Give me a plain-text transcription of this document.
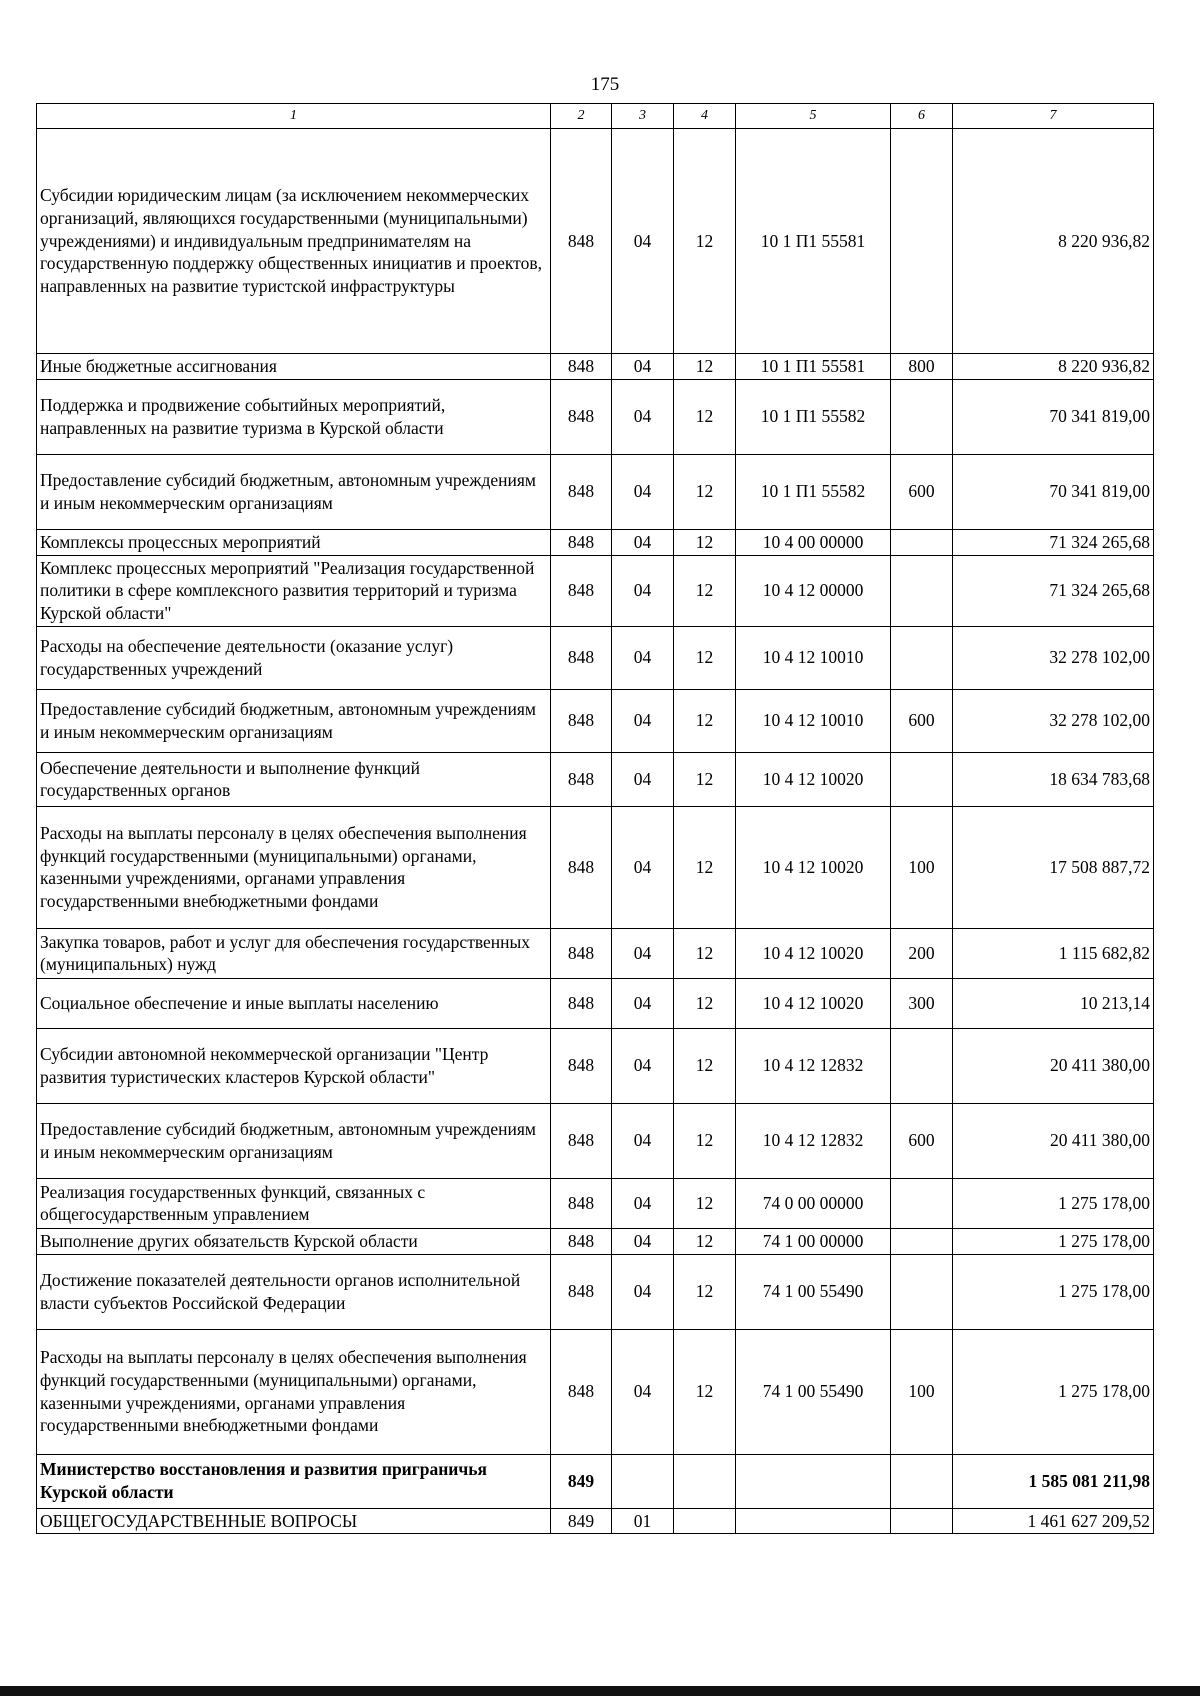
175
1	2	3	4	5	6	7
Субсидии юридическим лицам (за исключением некоммерческих организаций, являющихся государственными (муниципальными) учреждениями) и индивидуальным предпринимателям на государственную поддержку общественных инициатив и проектов, направленных на развитие туристской инфраструктуры	848	04	12	10 1 П1 55581		8 220 936,82
Иные бюджетные ассигнования	848	04	12	10 1 П1 55581	800	8 220 936,82
Поддержка и продвижение событийных мероприятий, направленных на развитие туризма в Курской области	848	04	12	10 1 П1 55582		70 341 819,00
Предоставление субсидий бюджетным, автономным учреждениям и иным некоммерческим организациям	848	04	12	10 1 П1 55582	600	70 341 819,00
Комплексы процессных мероприятий	848	04	12	10 4 00 00000		71 324 265,68
Комплекс процессных мероприятий "Реализация государственной политики в сфере комплексного развития территорий и туризма Курской области"	848	04	12	10 4 12 00000		71 324 265,68
Расходы на обеспечение деятельности (оказание услуг) государственных учреждений	848	04	12	10 4 12 10010		32 278 102,00
Предоставление субсидий бюджетным, автономным учреждениям и иным некоммерческим организациям	848	04	12	10 4 12 10010	600	32 278 102,00
Обеспечение деятельности и выполнение функций государственных органов	848	04	12	10 4 12 10020		18 634 783,68
Расходы на выплаты персоналу в целях обеспечения выполнения функций государственными (муниципальными) органами, казенными учреждениями, органами управления государственными внебюджетными фондами	848	04	12	10 4 12 10020	100	17 508 887,72
Закупка товаров, работ и услуг для обеспечения государственных (муниципальных) нужд	848	04	12	10 4 12 10020	200	1 115 682,82
Социальное обеспечение и иные выплаты населению	848	04	12	10 4 12 10020	300	10 213,14
Субсидии автономной некоммерческой организации "Центр развития туристических кластеров Курской области"	848	04	12	10 4 12 12832		20 411 380,00
Предоставление субсидий бюджетным, автономным учреждениям и иным некоммерческим организациям	848	04	12	10 4 12 12832	600	20 411 380,00
Реализация государственных функций, связанных с общегосударственным управлением	848	04	12	74 0 00 00000		1 275 178,00
Выполнение других обязательств Курской области	848	04	12	74 1 00 00000		1 275 178,00
Достижение показателей деятельности органов исполнительной власти субъектов Российской Федерации	848	04	12	74 1 00 55490		1 275 178,00
Расходы на выплаты персоналу в целях обеспечения выполнения функций государственными (муниципальными) органами, казенными учреждениями, органами управления государственными внебюджетными фондами	848	04	12	74 1 00 55490	100	1 275 178,00
Министерство восстановления и развития приграничья Курской области	849					1 585 081 211,98
ОБЩЕГОСУДАРСТВЕННЫЕ ВОПРОСЫ	849	01				1 461 627 209,52
